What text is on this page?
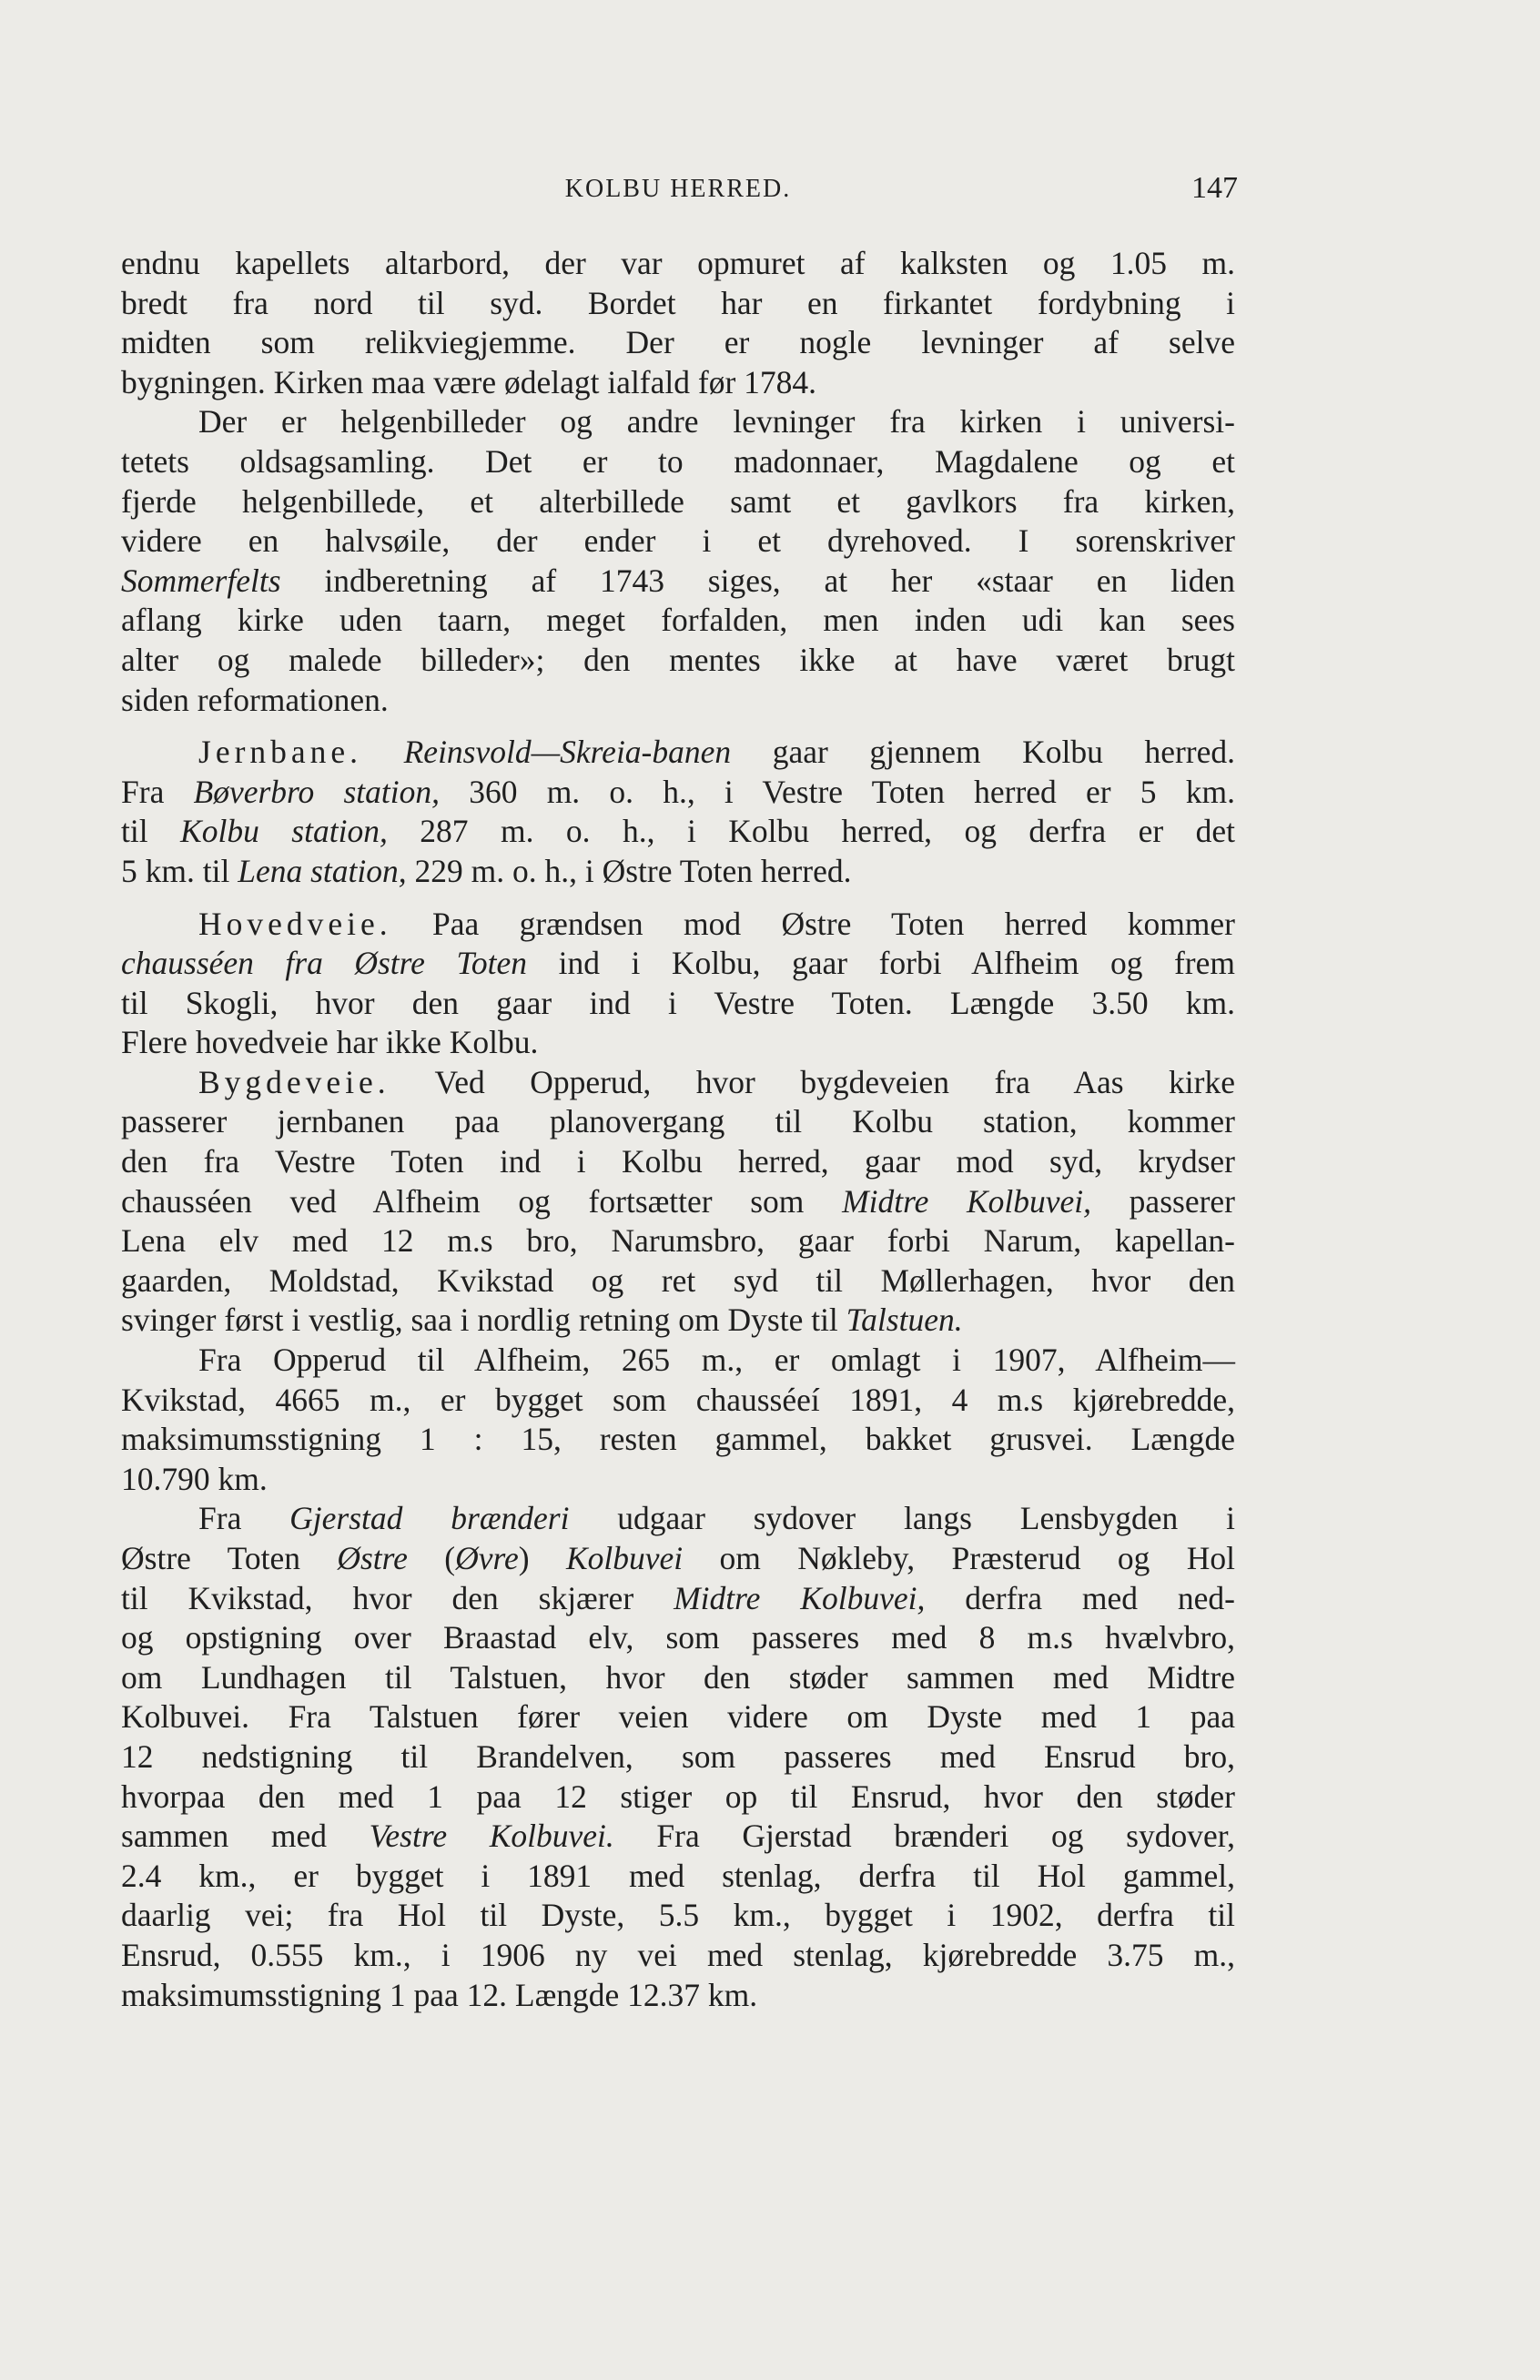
KOLBU HERRED.	147
endnu kapellets altarbord, der var opmuret af kalksten og 1.05 m.
bredt fra nord til syd. Bordet har en firkantet fordybning i
midten som relikviegjemme. Der er nogle levninger af selve
bygningen. Kirken maa være ødelagt ialfald før 1784.
Der er helgenbilleder og andre levninger fra kirken i universi-
tetets oldsagsamling. Det er to madonnaer, Magdalene og et
fjerde helgenbillede, et alterbillede samt et gavlkors fra kirken,
videre en halvsøile, der ender i et dyrehoved. I sorenskriver
Sommerfelts indberetning af 1743 siges, at her «staar en liden
aflang kirke uden taarn, meget forfalden, men inden udi kan sees
alter og malede billeder»; den mentes ikke at have været brugt
siden reformationen.
Jernbane. Reinsvold—Skreia-banen gaar gjennem Kolbu herred.
Fra Bøverbro station, 360 m. o. h., i Vestre Toten herred er 5 km.
til Kolbu station, 287 m. o. h., i Kolbu herred, og derfra er det
5 km. til Lena station, 229 m. o. h., i Østre Toten herred.
Hovedveie. Paa grændsen mod Østre Toten herred kommer
chausséen fra Østre Toten ind i Kolbu, gaar forbi Alfheim og frem
til Skogli, hvor den gaar ind i Vestre Toten. Længde 3.50 km.
Flere hovedveie har ikke Kolbu.
Bygdeveie. Ved Opperud, hvor bygdeveien fra Aas kirke
passerer jernbanen paa planovergang til Kolbu station, kommer
den fra Vestre Toten ind i Kolbu herred, gaar mod syd, krydser
chausséen ved Alfheim og fortsætter som Midtre Kolbuvei, passerer
Lena elv med 12 m.s bro, Narumsbro, gaar forbi Narum, kapellan-
gaarden, Moldstad, Kvikstad og ret syd til Møllerhagen, hvor den
svinger først i vestlig, saa i nordlig retning om Dyste til Talstuen.
Fra Opperud til Alfheim, 265 m., er omlagt i 1907, Alfheim—
Kvikstad, 4665 m., er bygget som chausséeí 1891, 4 m.s kjørebredde,
maksimumsstigning 1 : 15, resten gammel, bakket grusvei. Længde
10.790 km.
Fra Gjerstad brænderi udgaar sydover langs Lensbygden i
Østre Toten Østre (Øvre) Kolbuvei om Nøkleby, Præsterud og Hol
til Kvikstad, hvor den skjærer Midtre Kolbuvei, derfra med ned-
og opstigning over Braastad elv, som passeres med 8 m.s hvælvbro,
om Lundhagen til Talstuen, hvor den støder sammen med Midtre
Kolbuvei. Fra Talstuen fører veien videre om Dyste med 1 paa
12 nedstigning til Brandelven, som passeres med Ensrud bro,
hvorpaa den med 1 paa 12 stiger op til Ensrud, hvor den støder
sammen med Vestre Kolbuvei. Fra Gjerstad brænderi og sydover,
2.4 km., er bygget i 1891 med stenlag, derfra til Hol gammel,
daarlig vei; fra Hol til Dyste, 5.5 km., bygget i 1902, derfra til
Ensrud, 0.555 km., i 1906 ny vei med stenlag, kjørebredde 3.75 m.,
maksimumsstigning 1 paa 12. Længde 12.37 km.
